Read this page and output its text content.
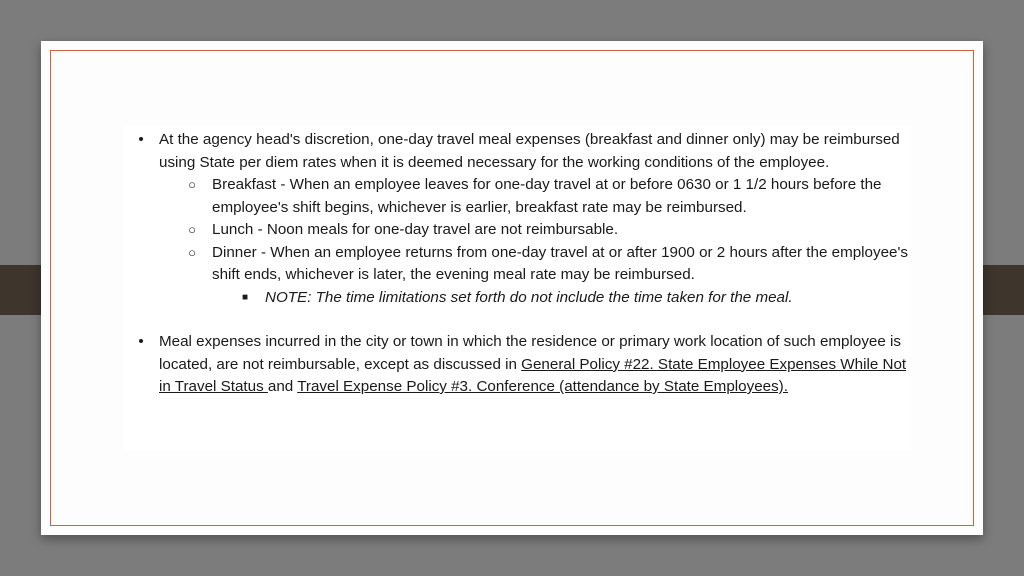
• At the agency head's discretion, one-day travel meal expenses (breakfast and dinner only) may be reimbursed using State per diem rates when it is deemed necessary for the working conditions of the employee.
○ Breakfast - When an employee leaves for one-day travel at or before 0630 or 1 1/2 hours before the employee's shift begins, whichever is earlier, breakfast rate may be reimbursed.
○ Lunch - Noon meals for one-day travel are not reimbursable.
○ Dinner - When an employee returns from one-day travel at or after 1900 or 2 hours after the employee's shift ends, whichever is later, the evening meal rate may be reimbursed.
■ NOTE: The time limitations set forth do not include the time taken for the meal.
• Meal expenses incurred in the city or town in which the residence or primary work location of such employee is located, are not reimbursable, except as discussed in General Policy #22. State Employee Expenses While Not in Travel Status and Travel Expense Policy #3. Conference (attendance by State Employees).
